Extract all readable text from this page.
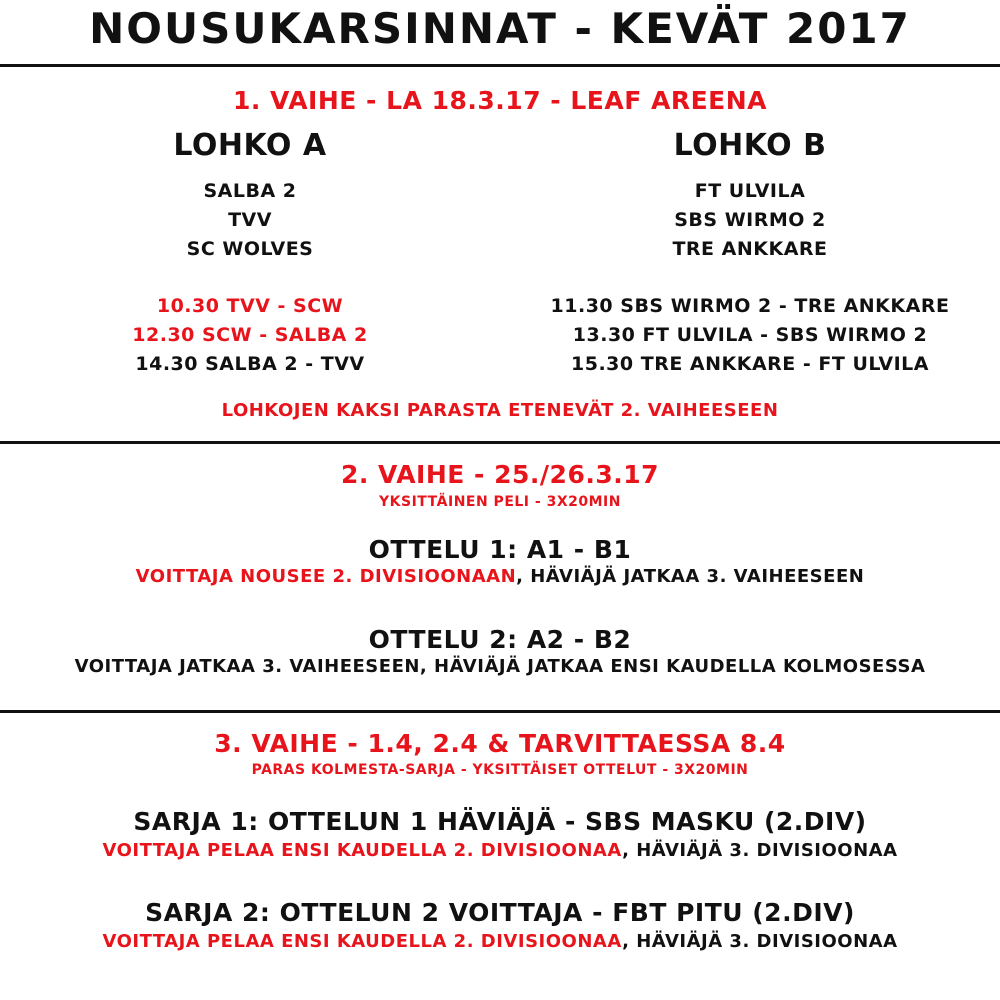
NOUSUKARSINNAT - KEVÄT 2017
1. VAIHE - LA 18.3.17 - LEAF AREENA
LOHKO A
SALBA 2
TVV
SC WOLVES
LOHKO B
FT ULVILA
SBS WIRMO 2
TRE ANKKARE
10.30 TVV - SCW
12.30 SCW - SALBA 2
14.30 SALBA 2 - TVV
11.30 SBS WIRMO 2 - TRE ANKKARE
13.30 FT ULVILA - SBS WIRMO 2
15.30 TRE ANKKARE - FT ULVILA
LOHKOJEN KAKSI PARASTA ETENEVÄT 2. VAIHEESEEN
2. VAIHE - 25./26.3.17
YKSITTÄINEN PELI - 3X20MIN
OTTELU 1: A1 - B1
VOITTAJA NOUSEE 2. DIVISIOONAAN, HÄVIÄJÄ JATKAA 3. VAIHEESEEN
OTTELU 2: A2 - B2
VOITTAJA JATKAA 3. VAIHEESEEN, HÄVIÄJÄ JATKAA ENSI KAUDELLA KOLMOSESSA
3. VAIHE - 1.4, 2.4 & TARVITTAESSA 8.4
PARAS KOLMESTA-SARJA - YKSITTÄISET OTTELUT - 3X20MIN
SARJA 1: OTTELUN 1 HÄVIÄJÄ - SBS MASKU (2.DIV)
VOITTAJA PELAA ENSI KAUDELLA 2. DIVISIOONAA, HÄVIÄJÄ 3. DIVISIOONAA
SARJA 2: OTTELUN 2 VOITTAJA - FBT PITU (2.DIV)
VOITTAJA PELAA ENSI KAUDELLA 2. DIVISIOONAA, HÄVIÄJÄ 3. DIVISIOONAA
